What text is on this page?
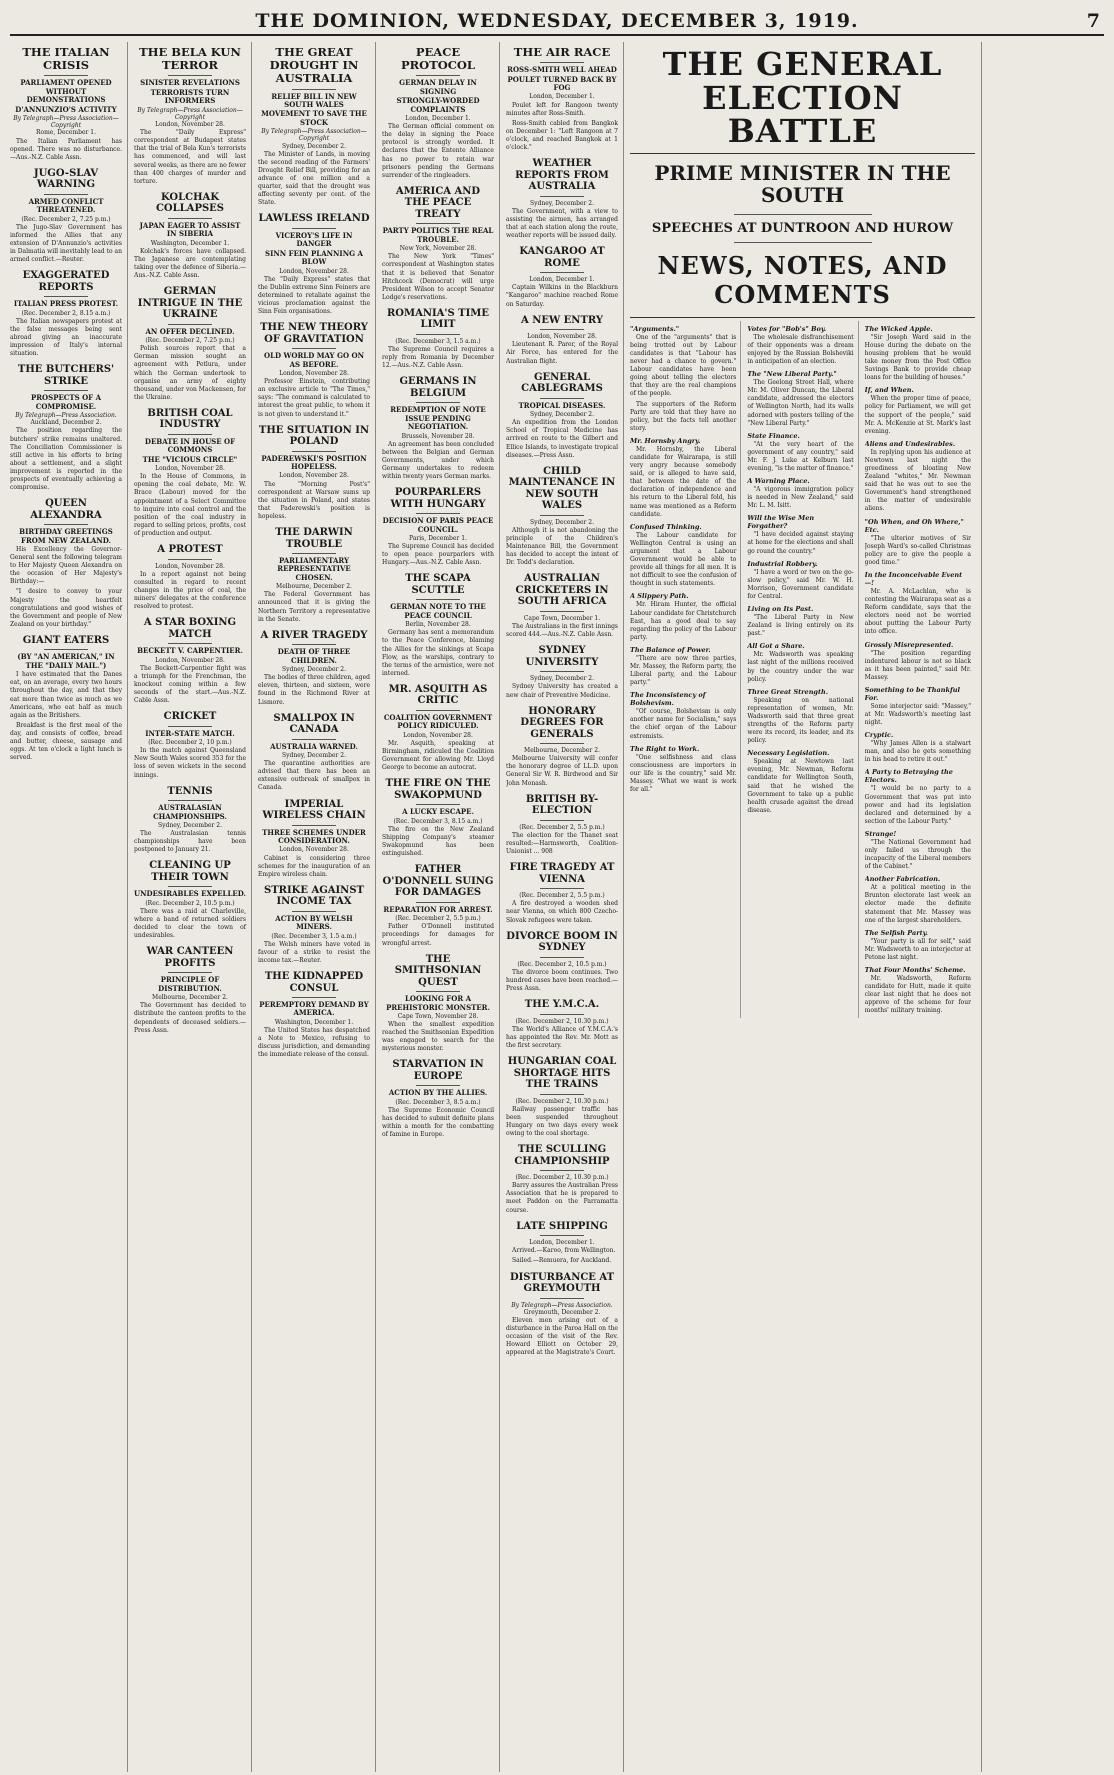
THE DOMINION, WEDNESDAY, DECEMBER 3, 1919.	7
THE ITALIAN CRISIS
PARLIAMENT OPENED WITHOUT DEMONSTRATIONS
D'ANNUNZIO'S ACTIVITY
By Telegraph—Press Association—Copyright
Rome, December 1.

The Italian Parliament has opened. There was no disturbance.—Aus.-N.Z. Cable Assn.

JUGO-SLAV WARNING
ARMED CONFLICT THREATENED.
(Rec. December 2, 7.25 p.m.)

The Jugo-Slav Government has informed the Allies that any extension of D'Annunzio's activities in Dalmatia will inevitably lead to an armed conflict.—Reuter.

EXAGGERATED REPORTS
ITALIAN PRESS PROTEST.
(Rec. December 2, 8.15 a.m.)

The Italian newspapers protest at the false messages being sent abroad giving an inaccurate impression of Italy's internal situation.

THE BUTCHERS' STRIKE
PROSPECTS OF A COMPROMISE.
By Telegraph—Press Association.
Auckland, December 2.

The position regarding the butchers' strike remains unaltered. The Conciliation Commissioner is still active in his efforts to bring about a settlement, and a slight improvement is reported in the prospects of eventually achieving a compromise.

QUEEN ALEXANDRA
BIRTHDAY GREETINGS FROM NEW ZEALAND.

His Excellency the Governor-General sent the following telegram to Her Majesty Queen Alexandra on the occasion of Her Majesty's Birthday:—

"I desire to convey to your Majesty the heartfelt congratulations and good wishes of the Government and people of New Zealand on your birthday."

GIANT EATERS
(BY "AN AMERICAN," IN THE "DAILY MAIL.")

I have estimated that the Danes eat, on an average, every two hours throughout the day, and that they eat more than twice as much as we Americans, who eat half as much again as the Britishers.

Breakfast is the first meal of the day, and consists of coffee, bread and butter, cheese, sausage and eggs. At ten o'clock a light lunch is served.

THE BELA KUN TERROR
SINISTER REVELATIONS
TERRORISTS TURN INFORMERS
By Telegraph—Press Association—Copyright
London, November 28.

The "Daily Express" correspondent at Budapest states that the trial of Bela Kun's terrorists has commenced, and will last several weeks, as there are no fewer than 400 charges of murder and torture.

KOLCHAK COLLAPSES
JAPAN EAGER TO ASSIST IN SIBERIA
Washington, December 1.

Kolchak's forces have collapsed. The Japanese are contemplating taking over the defence of Siberia.—Aus.-N.Z. Cable Assn.

GERMAN INTRIGUE IN THE UKRAINE
AN OFFER DECLINED.
(Rec. December 2, 7.25 p.m.)

Polish sources report that a German mission sought an agreement with Petlura, under which the German undertook to organise an army of eighty thousand, under von Mackensen, for the Ukraine.

BRITISH COAL INDUSTRY
DEBATE IN HOUSE OF COMMONS
THE "VICIOUS CIRCLE"
London, November 28.

In the House of Commons, in opening the coal debate, Mr. W. Brace (Labour) moved for the appointment of a Select Committee to inquire into coal control and the position of the coal industry in regard to selling prices, profits, cost of production and output.

A PROTEST
London, November 28.

In a report against not being consulted in regard to recent changes in the price of coal, the miners' delegates at the conference resolved to protest.

A STAR BOXING MATCH
BECKETT V. CARPENTIER.
London, November 28.

The Beckett-Carpentier fight was a triumph for the Frenchman, the knockout coming within a few seconds of the start.—Aus.-N.Z. Cable Assn.

CRICKET
INTER-STATE MATCH.
(Rec. December 2, 10 p.m.)

In the match against Queensland New South Wales scored 353 for the loss of seven wickets in the second innings.

TENNIS
AUSTRALASIAN CHAMPIONSHIPS.
Sydney, December 2.

The Australasian tennis championships have been postponed to January 21.

CLEANING UP THEIR TOWN
UNDESIRABLES EXPELLED.
(Rec. December 2, 10.5 p.m.)

There was a raid at Charleville, where a band of returned soldiers decided to clear the town of undesirables.

WAR CANTEEN PROFITS
PRINCIPLE OF DISTRIBUTION.
Melbourne, December 2.

The Government has decided to distribute the canteen profits to the dependents of deceased soldiers.—Press Assn.

THE GREAT DROUGHT IN AUSTRALIA
RELIEF BILL IN NEW SOUTH WALES
MOVEMENT TO SAVE THE STOCK
By Telegraph—Press Association—Copyright
Sydney, December 2.

The Minister of Lands, in moving the second reading of the Farmers' Drought Relief Bill, providing for an advance of one million and a quarter, said that the drought was affecting seventy per cent. of the State.

LAWLESS IRELAND
VICEROY'S LIFE IN DANGER
SINN FEIN PLANNING A BLOW
London, November 28.

The "Daily Express" states that the Dublin extreme Sinn Feiners are determined to retaliate against the vicious proclamation against the Sinn Fein organisations.

THE NEW THEORY OF GRAVITATION
OLD WORLD MAY GO ON AS BEFORE.
London, November 28.

Professor Einstein, contributing an exclusive article to "The Times," says: "The command is calculated to interest the great public, to whom it is not given to understand it."

THE SITUATION IN POLAND
PADEREWSKI'S POSITION HOPELESS.
London, November 28.

The "Morning Post's" correspondent at Warsaw sums up the situation in Poland, and states that Paderewski's position is hopeless.

THE DARWIN TROUBLE
PARLIAMENTARY REPRESENTATIVE CHOSEN.
Melbourne, December 2.

The Federal Government has announced that it is giving the Northern Territory a representative in the Senate.

A RIVER TRAGEDY
DEATH OF THREE CHILDREN.
Sydney, December 2.

The bodies of three children, aged eleven, thirteen, and sixteen, were found in the Richmond River at Lismore.

SMALLPOX IN CANADA
AUSTRALIA WARNED.
Sydney, December 2.

The quarantine authorities are advised that there has been an extensive outbreak of smallpox in Canada.

IMPERIAL WIRELESS CHAIN
THREE SCHEMES UNDER CONSIDERATION.
London, November 28.

Cabinet is considering three schemes for the inauguration of an Empire wireless chain.

STRIKE AGAINST INCOME TAX
ACTION BY WELSH MINERS.
(Rec. December 3, 1.5 a.m.)

The Welsh miners have voted in favour of a strike to resist the income tax.—Reuter.

THE KIDNAPPED CONSUL
PEREMPTORY DEMAND BY AMERICA.
Washington, December 1.

The United States has despatched a Note to Mexico, refusing to discuss jurisdiction, and demanding the immediate release of the consul.

PEACE PROTOCOL
GERMAN DELAY IN SIGNING
STRONGLY-WORDED COMPLAINTS
London, December 1.

The German official comment on the delay in signing the Peace protocol is strongly worded. It declares that the Entente Alliance has no power to retain war prisoners pending the Germans surrender of the ringleaders.

AMERICA AND THE PEACE TREATY
PARTY POLITICS THE REAL TROUBLE.
New York, November 28.

The New York "Times" correspondent at Washington states that it is believed that Senator Hitchcock (Democrat) will urge President Wilson to accept Senator Lodge's reservations.

ROMANIA'S TIME LIMIT
(Rec. December 3, 1.5 a.m.)

The Supreme Council requires a reply from Romania by December 12.—Aus.-N.Z. Cable Assn.

GERMANS IN BELGIUM
REDEMPTION OF NOTE ISSUE PENDING NEGOTIATION.
Brussels, November 28.

An agreement has been concluded between the Belgian and German Governments, under which Germany undertakes to redeem within twenty years German marks.

POURPARLERS WITH HUNGARY
DECISION OF PARIS PEACE COUNCIL.
Paris, December 1.

The Supreme Council has decided to open peace pourparlers with Hungary.—Aus.-N.Z. Cable Assn.

THE SCAPA SCUTTLE
GERMAN NOTE TO THE PEACE COUNCIL
Berlin, November 28.

Germany has sent a memorandum to the Peace Conference, blaming the Allies for the sinkings at Scapa Flow, as the warships, contrary to the terms of the armistice, were not interned.

MR. ASQUITH AS CRITIC
COALITION GOVERNMENT POLICY RIDICULED.
London, November 28.

Mr. Asquith, speaking at Birmingham, ridiculed the Coalition Government for allowing Mr. Lloyd George to become an autocrat.

THE FIRE ON THE SWAKOPMUND
A LUCKY ESCAPE.
(Rec. December 3, 8.15 a.m.)

The fire on the New Zealand Shipping Company's steamer Swakopmund has been extinguished.

FATHER O'DONNELL SUING FOR DAMAGES
REPARATION FOR ARREST.
(Rec. December 2, 5.5 p.m.)

Father O'Donnell instituted proceedings for damages for wrongful arrest.

THE SMITHSONIAN QUEST
LOOKING FOR A PREHISTORIC MONSTER.
Cape Town, November 28.

When the smallest expedition reached the Smithsonian Expedition was engaged to search for the mysterious monster.

STARVATION IN EUROPE
ACTION BY THE ALLIES.
(Rec. December 3, 8.5 a.m.)

The Supreme Economic Council has decided to submit definite plans within a month for the combatting of famine in Europe.

THE AIR RACE
ROSS-SMITH WELL AHEAD
POULET TURNED BACK BY FOG
London, December 1.

Poulet left for Rangoon twenty minutes after Ross-Smith.

Ross-Smith cabled from Bangkok on December 1: "Left Rangoon at 7 o'clock, and reached Bangkok at 1 o'clock."

WEATHER REPORTS FROM AUSTRALIA
Sydney, December 2.

The Government, with a view to assisting the airmen, has arranged that at each station along the route, weather reports will be issued daily.

KANGAROO AT ROME
London, December 1.

Captain Wilkins in the Blackburn "Kangaroo" machine reached Rome on Saturday.

A NEW ENTRY
London, November 28.

Lieutenant R. Parer, of the Royal Air Force, has entered for the Australian flight.

GENERAL CABLEGRAMS
TROPICAL DISEASES.
Sydney, December 2.

An expedition from the London School of Tropical Medicine has arrived en route to the Gilbert and Ellice Islands, to investigate tropical diseases.—Press Assn.

CHILD MAINTENANCE IN NEW SOUTH WALES
Sydney, December 2.

Although it is not abandoning the principle of the Children's Maintenance Bill, the Government has decided to accept the intent of Dr. Todd's declaration.

AUSTRALIAN CRICKETERS IN SOUTH AFRICA
Cape Town, December 1.

The Australians in the first innings scored 444.—Aus.-N.Z. Cable Assn.

SYDNEY UNIVERSITY
Sydney, December 2.

Sydney University has created a new chair of Preventive Medicine.

HONORARY DEGREES FOR GENERALS
Melbourne, December 2.

Melbourne University will confer the honorary degree of LL.D. upon General Sir W. R. Birdwood and Sir John Monash.

BRITISH BY-ELECTION
(Rec. December 2, 5.5 p.m.)

The election for the Thanet seat resulted:—Harmsworth, Coalition-Unionist ... 908

FIRE TRAGEDY AT VIENNA
(Rec. December 2, 5.5 p.m.)

A fire destroyed a wooden shed near Vienna, on which 800 Czecho-Slovak refugees were taken.

DIVORCE BOOM IN SYDNEY
(Rec. December 2, 10.5 p.m.)

The divorce boom continues. Two hundred cases have been reached.—Press Assn.

THE Y.M.C.A.
(Rec. December 2, 10.30 p.m.)

The World's Alliance of Y.M.C.A.'s has appointed the Rev. Mr. Mott as the first secretary.

HUNGARIAN COAL SHORTAGE HITS THE TRAINS
(Rec. December 2, 10.30 p.m.)

Railway passenger traffic has been suspended throughout Hungary on two days every week owing to the coal shortage.

THE SCULLING CHAMPIONSHIP
(Rec. December 2, 10.30 p.m.)

Barry assures the Australian Press Association that he is prepared to meet Paddon on the Parramatta course.

LATE SHIPPING
London, December 1.

Arrived.—Karoo, from Wellington.

Sailed.—Remuera, for Auckland.

DISTURBANCE AT GREYMOUTH
By Telegraph—Press Association.
Greymouth, December 2.

Eleven men arising out of a disturbance in the Paroa Hall on the occasion of the visit of the Rev. Howard Elliott on October 29, appeared at the Magistrate's Court.

THE GENERAL ELECTION BATTLE
PRIME MINISTER IN THE SOUTH
SPEECHES AT DUNTROON AND HUROW
NEWS, NOTES, AND COMMENTS
"Arguments."

One of the "arguments" that is being trotted out by Labour candidates is that "Labour has never had a chance to govern." Labour candidates have been going about telling the electors that they are the real champions of the people.

The supporters of the Reform Party are told that they have no policy, but the facts tell another story.

Mr. Hornsby Angry.

Mr. Hornsby, the Liberal candidate for Wairarapa, is still very angry because somebody said, or is alleged to have said, that between the date of the declaration of independence and his return to the Liberal fold, his name was mentioned as a Reform candidate.

Confused Thinking.

The Labour candidate for Wellington Central is using an argument that a Labour Government would be able to provide all things for all men. It is not difficult to see the confusion of thought in such statements.

A Slippery Path.

Mr. Hiram Hunter, the official Labour candidate for Christchurch East, has a good deal to say regarding the policy of the Labour party.

The Balance of Power.

"There are now three parties, Mr. Massey, the Reform party, the Liberal party, and the Labour party."

The Inconsistency of Bolshevism.

"Of course, Bolshevism is only another name for Socialism," says the chief organ of the Labour extremists.

The Right to Work.

"One selfishness and class consciousness are importers in our life is the country," said Mr. Massey. "What we want is work for all."

Votes for "Bob's" Boy.

The wholesale disfranchisement of their opponents was a dream enjoyed by the Russian Bolsheviki in anticipation of an election.

The "New Liberal Party."

The Geelong Street Hall, where Mr. M. Oliver Duncan, the Liberal candidate, addressed the electors of Wellington North, had its walls adorned with posters telling of the "New Liberal Party."

State Finance.

"At the very heart of the government of any country," said Mr. F. J. Luke at Kelburn last evening, "is the matter of finance."

A Warning Place.

"A vigorous immigration policy is needed in New Zealand," said Mr. L. M. Isitt.

Will the Wise Men Forgather?

"I have decided against staying at home for the elections and shall go round the country."

Industrial Robbery.

"I have a word or two on the go-slow policy," said Mr. W. H. Morrison, Government candidate for Central.

Living on Its Past.

"The Liberal Party in New Zealand is living entirely on its past."

All Got a Share.

Mr. Wadsworth was speaking last night of the millions received by the country under the war policy.

Three Great Strength.

Speaking on national representation of women, Mr. Wadsworth said that three great strengths of the Reform party were its record, its leader, and its policy.

Necessary Legislation.

Speaking at Newtown last evening, Mr. Newman, Reform candidate for Wellington South, said that he wished the Government to take up a public health crusade against the dread disease.

The Wicked Apple.

"Sir Joseph Ward said in the House during the debate on the housing problem that he would take money from the Post Office Savings Bank to provide cheap loans for the building of houses."

If, and When.

When the proper time of peace, policy for Parliament, we will get the support of the people," said Mr. A. McKenzie at St. Mark's last evening.

Aliens and Undesirables.

In replying upon his audience at Newtown last night the greediness of bloating New Zealand "whites," Mr. Newman said that he was out to see the Government's hand strengthened in the matter of undesirable aliens.

"Oh When, and Oh Where," Etc.

"The ulterior motives of Sir Joseph Ward's so-called Christmas policy are to give the people a good time."

In the Inconceivable Event—!

Mr. A. McLachlan, who is contesting the Wairarapa seat as a Reform candidate, says that the electors need not be worried about putting the Labour Party into office.

Grossly Misrepresented.

"The position regarding indentured labour is not so black as it has been painted," said Mr. Massey.

Something to be Thankful For.

Some interjector said: "Massey," at Mr. Wadsworth's meeting last night.

Cryptic.

"Why James Allen is a stalwart man, and also he gets something in his head to retire it out."

A Party to Betraying the Electors.

"I would be no party to a Government that was put into power and had its legislation declared and determined by a section of the Labour Party."

Strange!

"The National Government had only failed us through the incapacity of the Liberal members of the Cabinet."

Another Fabrication.

At a political meeting in the Brunton electorate last week an elector made the definite statement that Mr. Massey was one of the largest shareholders.

The Selfish Party.

"Your party is all for self," said Mr. Wadsworth to an interjector at Petone last night.

That Four Months' Scheme.

Mr. Wadsworth, Reform candidate for Hutt, made it quite clear last night that he does not approve of the scheme for four months' military training.
